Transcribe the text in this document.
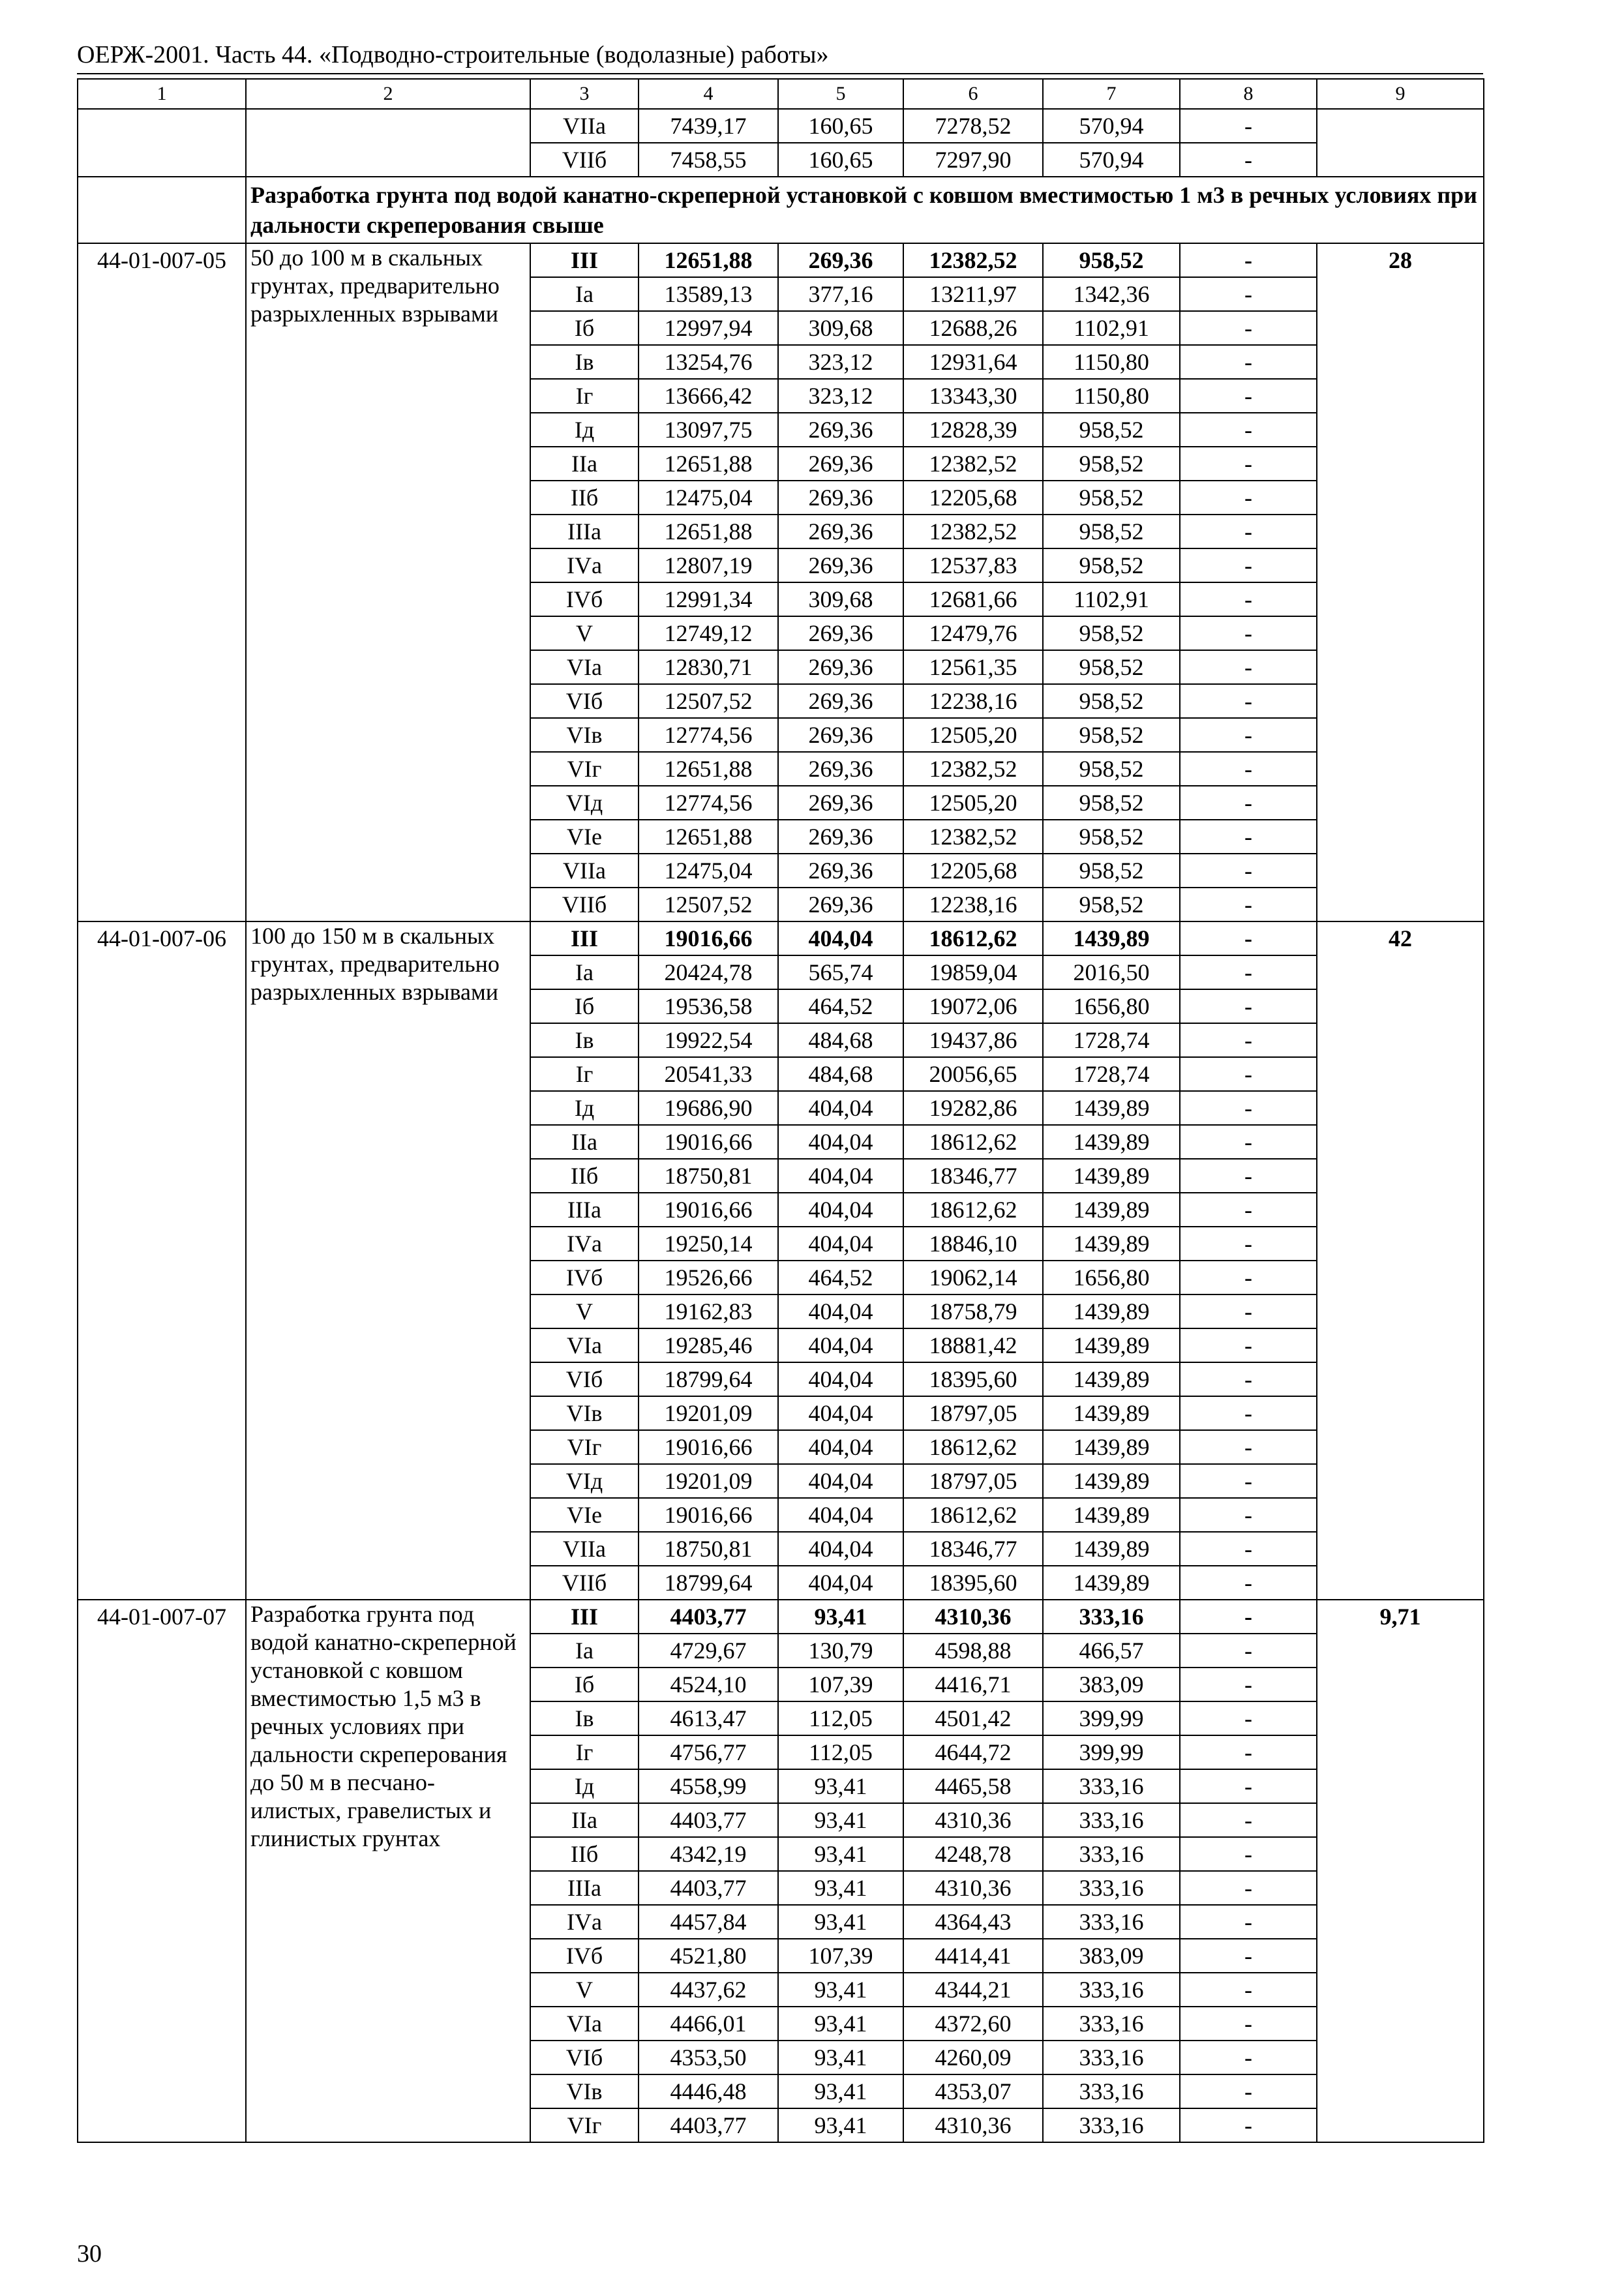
ОЕРЖ-2001. Часть 44. «Подводно-строительные (водолазные) работы»
1	2	3	4	5	6	7	8	9
		VIIа	7439,17	160,65	7278,52	570,94	-	
		VIIб	7458,55	160,65	7297,90	570,94	-	
	Разработка грунта под водой канатно-скреперной установкой с ковшом вместимостью 1 м3 в речных условиях при дальности скреперования свыше							
44-01-007-05	50 до 100 м в скальных грунтах, предварительно разрыхленных взрывами	III	12651,88	269,36	12382,52	958,52	-	28
		Iа	13589,13	377,16	13211,97	1342,36	-	
		Iб	12997,94	309,68	12688,26	1102,91	-	
		Iв	13254,76	323,12	12931,64	1150,80	-	
		Iг	13666,42	323,12	13343,30	1150,80	-	
		Iд	13097,75	269,36	12828,39	958,52	-	
		IIа	12651,88	269,36	12382,52	958,52	-	
		IIб	12475,04	269,36	12205,68	958,52	-	
		IIIа	12651,88	269,36	12382,52	958,52	-	
		IVа	12807,19	269,36	12537,83	958,52	-	
		IVб	12991,34	309,68	12681,66	1102,91	-	
		V	12749,12	269,36	12479,76	958,52	-	
		VIа	12830,71	269,36	12561,35	958,52	-	
		VIб	12507,52	269,36	12238,16	958,52	-	
		VIв	12774,56	269,36	12505,20	958,52	-	
		VIг	12651,88	269,36	12382,52	958,52	-	
		VIд	12774,56	269,36	12505,20	958,52	-	
		VIе	12651,88	269,36	12382,52	958,52	-	
		VIIа	12475,04	269,36	12205,68	958,52	-	
		VIIб	12507,52	269,36	12238,16	958,52	-	
44-01-007-06	100 до 150 м в скальных грунтах, предварительно разрыхленных взрывами	III	19016,66	404,04	18612,62	1439,89	-	42
		Iа	20424,78	565,74	19859,04	2016,50	-	
		Iб	19536,58	464,52	19072,06	1656,80	-	
		Iв	19922,54	484,68	19437,86	1728,74	-	
		Iг	20541,33	484,68	20056,65	1728,74	-	
		Iд	19686,90	404,04	19282,86	1439,89	-	
		IIа	19016,66	404,04	18612,62	1439,89	-	
		IIб	18750,81	404,04	18346,77	1439,89	-	
		IIIа	19016,66	404,04	18612,62	1439,89	-	
		IVа	19250,14	404,04	18846,10	1439,89	-	
		IVб	19526,66	464,52	19062,14	1656,80	-	
		V	19162,83	404,04	18758,79	1439,89	-	
		VIа	19285,46	404,04	18881,42	1439,89	-	
		VIб	18799,64	404,04	18395,60	1439,89	-	
		VIв	19201,09	404,04	18797,05	1439,89	-	
		VIг	19016,66	404,04	18612,62	1439,89	-	
		VIд	19201,09	404,04	18797,05	1439,89	-	
		VIе	19016,66	404,04	18612,62	1439,89	-	
		VIIа	18750,81	404,04	18346,77	1439,89	-	
		VIIб	18799,64	404,04	18395,60	1439,89	-	
44-01-007-07	Разработка грунта под водой канатно-скреперной установкой с ковшом вместимостью 1,5 м3 в речных условиях при дальности скреперования до 50 м в песчано-илистых, гравелистых и глинистых грунтах	III	4403,77	93,41	4310,36	333,16	-	9,71
		Iа	4729,67	130,79	4598,88	466,57	-	
		Iб	4524,10	107,39	4416,71	383,09	-	
		Iв	4613,47	112,05	4501,42	399,99	-	
		Iг	4756,77	112,05	4644,72	399,99	-	
		Iд	4558,99	93,41	4465,58	333,16	-	
		IIа	4403,77	93,41	4310,36	333,16	-	
		IIб	4342,19	93,41	4248,78	333,16	-	
		IIIа	4403,77	93,41	4310,36	333,16	-	
		IVа	4457,84	93,41	4364,43	333,16	-	
		IVб	4521,80	107,39	4414,41	383,09	-	
		V	4437,62	93,41	4344,21	333,16	-	
		VIа	4466,01	93,41	4372,60	333,16	-	
		VIб	4353,50	93,41	4260,09	333,16	-	
		VIв	4446,48	93,41	4353,07	333,16	-	
		VIг	4403,77	93,41	4310,36	333,16	-	
30
